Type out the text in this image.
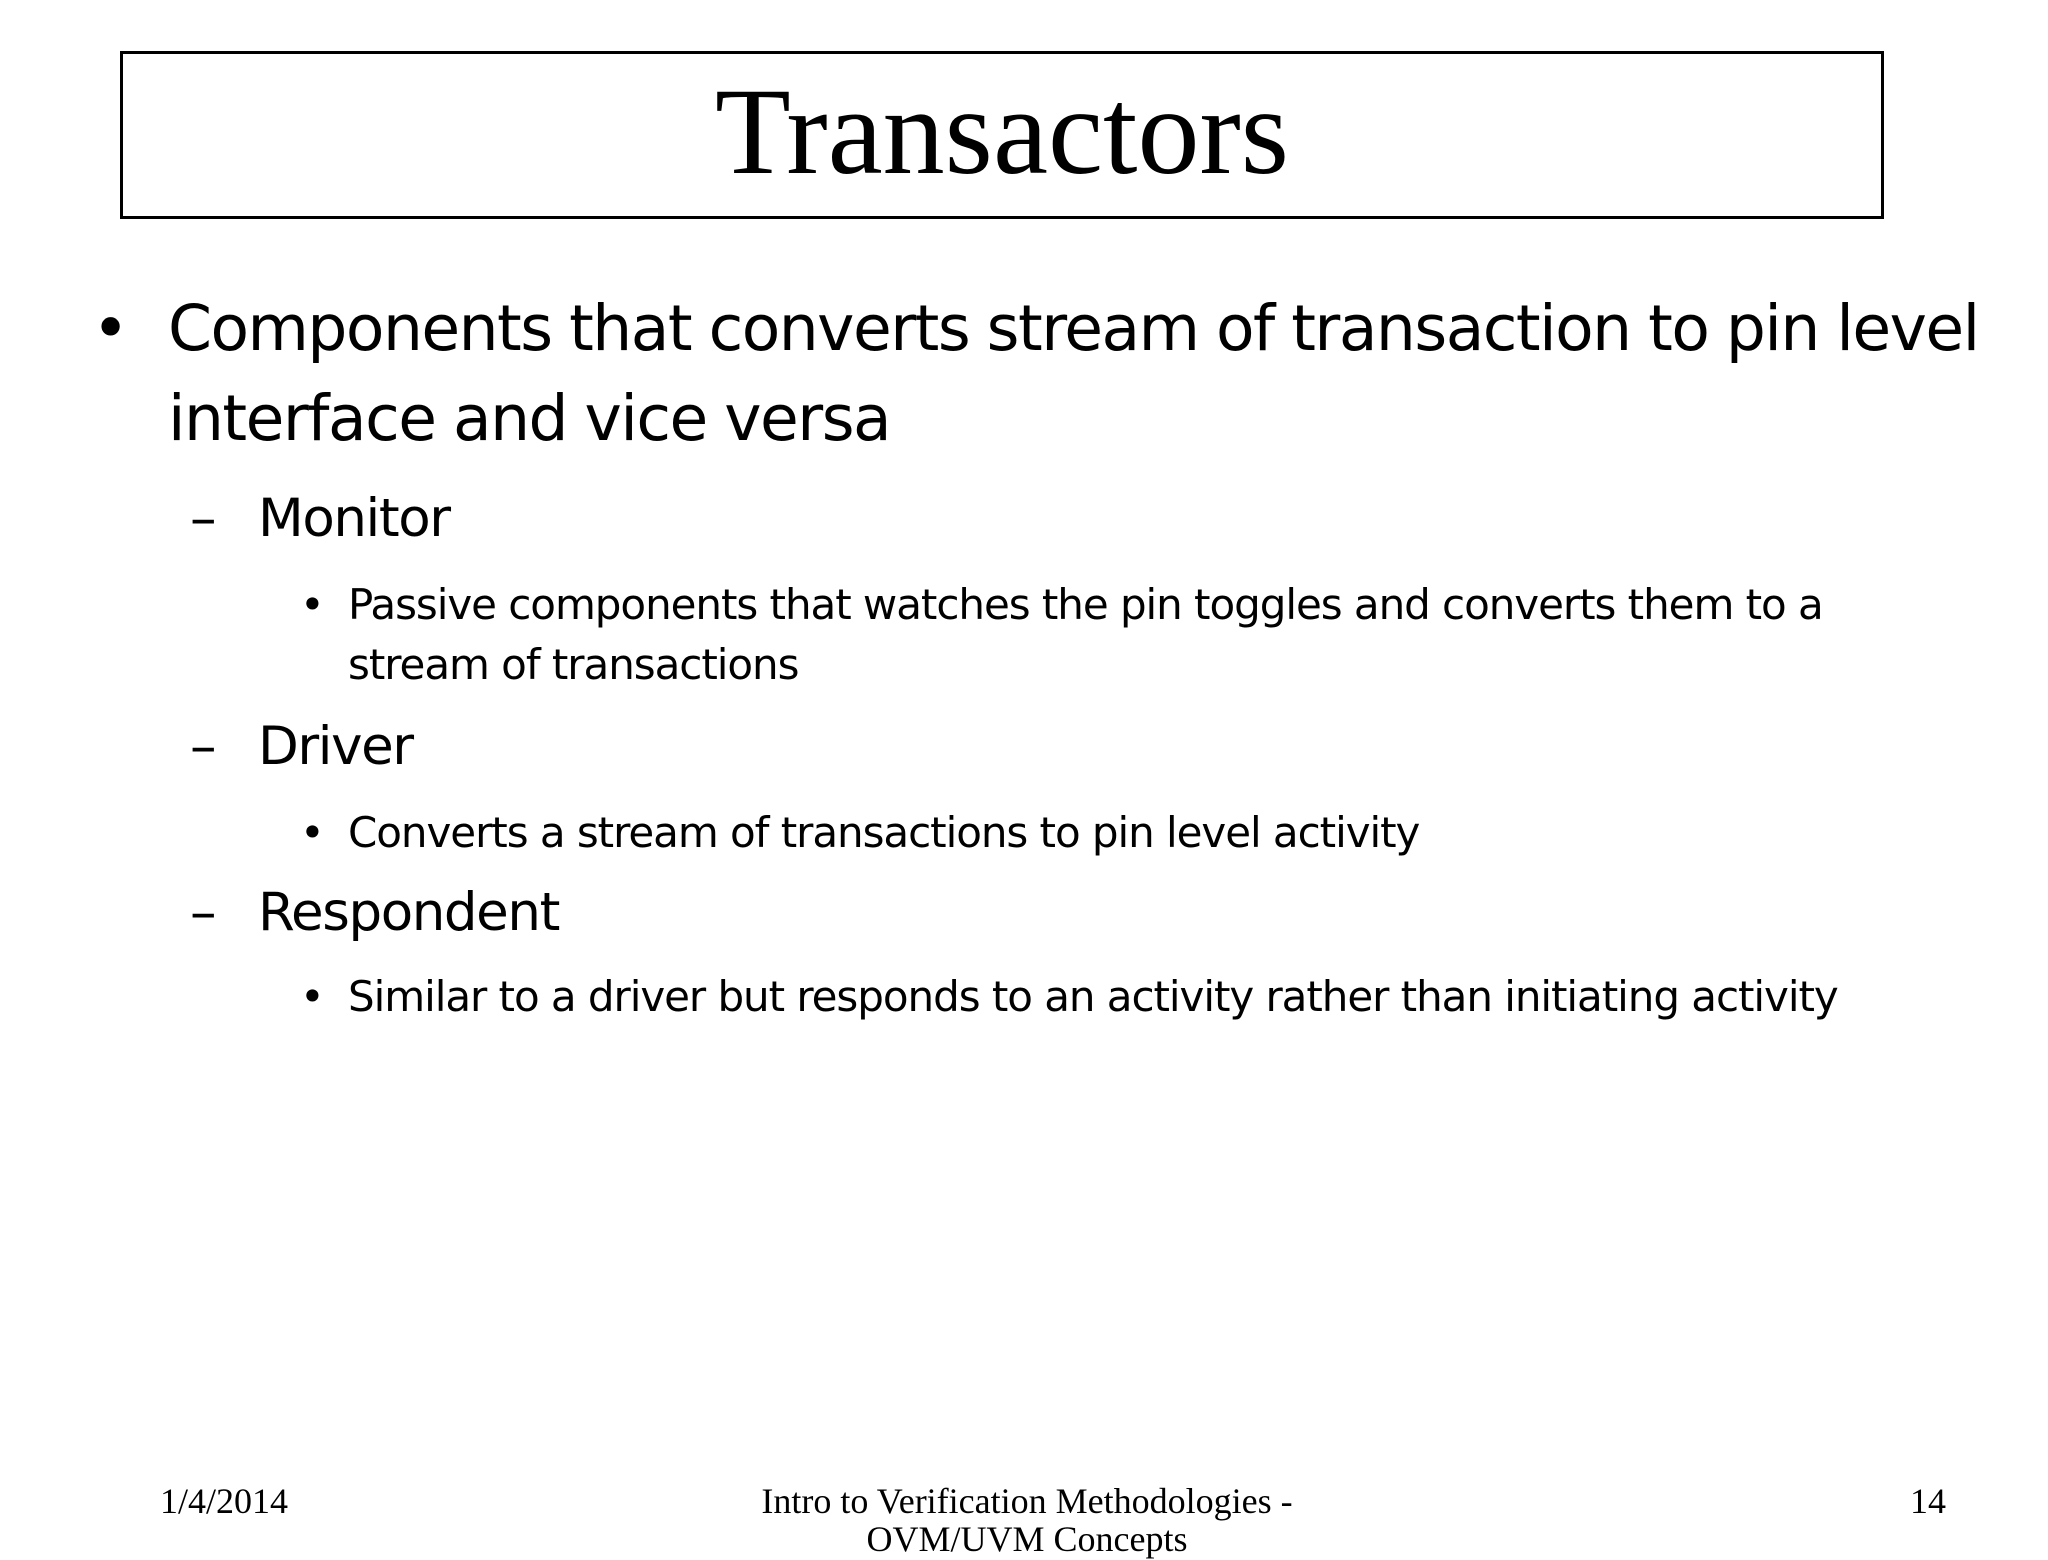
Transactors
• Components that converts stream of transaction to pin level
interface and vice versa
– Monitor
• Passive components that watches the pin toggles and converts them to a
stream of transactions
– Driver
• Converts a stream of transactions to pin level activity
– Respondent
• Similar to a driver but responds to an activity rather than initiating activity
1/4/2014	14
Intro to Verification Methodologies -
OVM/UVM Concepts
